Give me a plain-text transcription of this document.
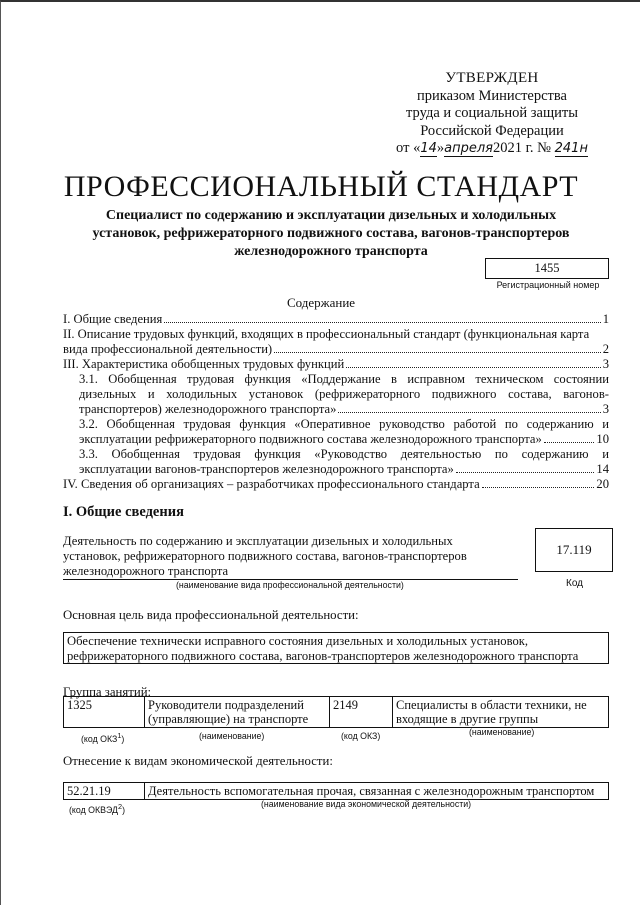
УТВЕРЖДЕН
приказом Министерства
труда и социальной защиты
Российской Федерации
от «14»апреля2021 г. № 241н
ПРОФЕССИОНАЛЬНЫЙ СТАНДАРТ
Специалист по содержанию и эксплуатации дизельных и холодильных установок, рефрижераторного подвижного состава, вагонов-транспортеров железнодорожного транспорта
1455
Регистрационный номер
Содержание
I. Общие сведения	1
II. Описание трудовых функций, входящих в профессиональный стандарт (функциональная карта
вида профессиональной деятельности)	2
III. Характеристика обобщенных трудовых функций	3
3.1. Обобщенная трудовая функция «Поддержание в исправном техническом состоянии дизельных и холодильных установок (рефрижераторного подвижного состава, вагонов-
транспортеров) железнодорожного транспорта»	3
3.2. Обобщенная трудовая функция «Оперативное руководство работой по содержанию и
эксплуатации рефрижераторного подвижного состава железнодорожного транспорта»	10
3.3. Обобщенная трудовая функция «Руководство деятельностью по содержанию и
эксплуатации вагонов-транспортеров железнодорожного транспорта»	14
IV. Сведения об организациях – разработчиках профессионального стандарта	20
I. Общие сведения
Деятельность по содержанию и эксплуатации дизельных и холодильных установок, рефрижераторного подвижного состава, вагонов-транспортеров железнодорожного транспорта
(наименование вида профессиональной деятельности)
17.119
Код
Основная цель вида профессиональной деятельности:
Обеспечение технически исправного состояния дизельных и холодильных установок, рефрижераторного подвижного состава, вагонов-транспортеров железнодорожного транспорта
Группа занятий:
1325	Руководители подразделений (управляющие) на транспорте	2149	Специалисты в области техники, не входящие в другие группы
(код ОКЗ$^1$)	(наименование)	(код ОКЗ)	(наименование)
Отнесение к видам экономической деятельности:
52.21.19	Деятельность вспомогательная прочая, связанная с железнодорожным транспортом
(код ОКВЭД$^2$)
(наименование вида экономической деятельности)
